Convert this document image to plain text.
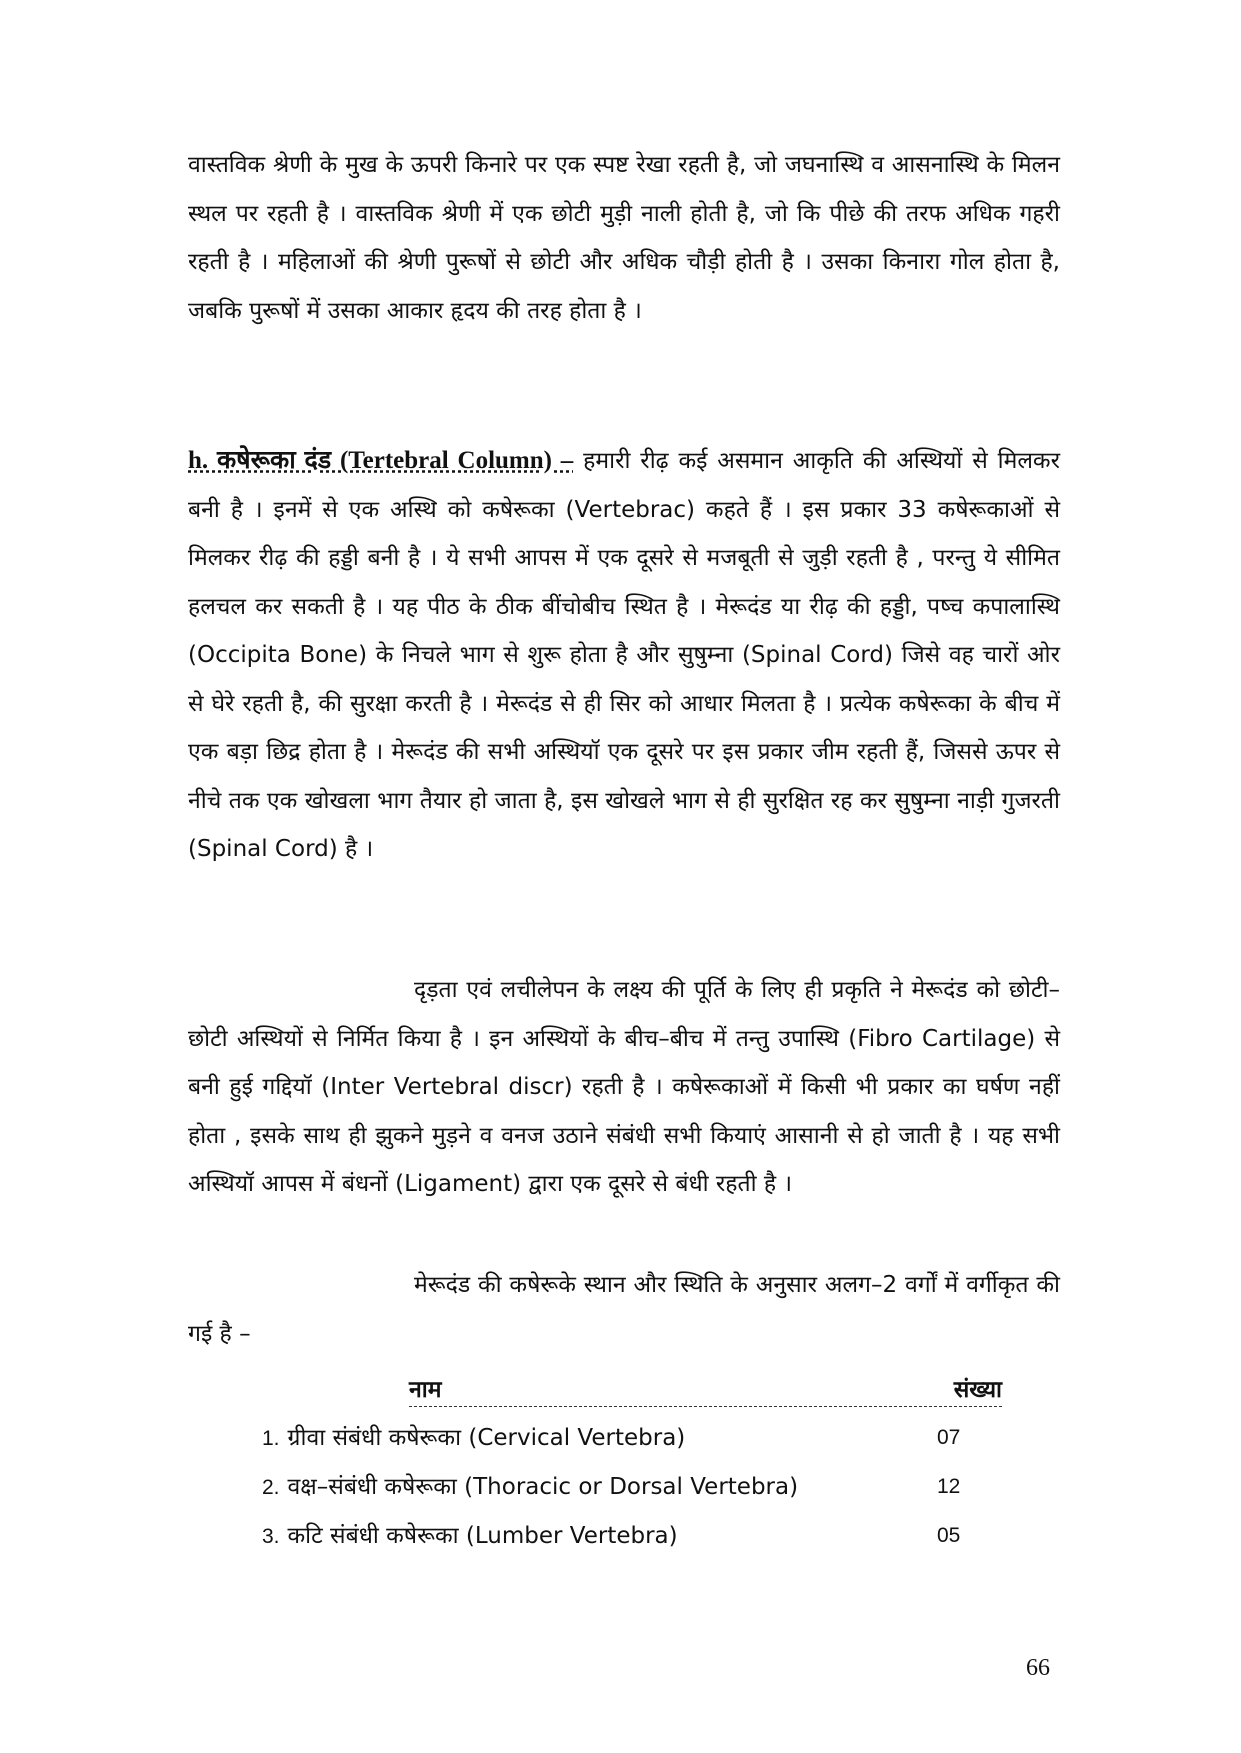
वास्तविक श्रेणी के मुख के ऊपरी किनारे पर एक स्पष्ट रेखा रहती है, जो जघनास्थि व आसनास्थि के मिलन स्थल पर रहती है । वास्तविक श्रेणी में एक छोटी मुड़ी नाली होती है, जो कि पीछे की तरफ अधिक गहरी रहती है । महिलाओं की श्रेणी पुरूषों से छोटी और अधिक चौड़ी होती है । उसका किनारा गोल होता है, जबकि पुरूषों में उसका आकार हृदय की तरह होता है ।

h. कषेरूका दंड (Tertebral Column) – हमारी रीढ़ कई असमान आकृति की अस्थियों से मिलकर बनी है । इनमें से एक अस्थि को कषेरूका (Vertebrac) कहते हैं । इस प्रकार 33 कषेरूकाओं से मिलकर रीढ़ की हड्डी बनी है । ये सभी आपस में एक दूसरे से मजबूती से जुड़ी रहती है , परन्तु ये सीमित हलचल कर सकती है । यह पीठ के ठीक बींचोबीच स्थित है । मेरूदंड या रीढ़ की हड्डी, पष्च कपालास्थि (Occipita Bone) के निचले भाग से शुरू होता है और सुषुम्ना (Spinal Cord) जिसे वह चारों ओर से घेरे रहती है, की सुरक्षा करती है । मेरूदंड से ही सिर को आधार मिलता है । प्रत्येक कषेरूका के बीच में एक बड़ा छिद्र होता है । मेरूदंड की सभी अस्थियॉ एक दूसरे पर इस प्रकार जीम रहती हैं, जिससे ऊपर से नीचे तक एक खोखला भाग तैयार हो जाता है, इस खोखले भाग से ही सुरक्षित रह कर सुषुम्ना नाड़ी गुजरती (Spinal Cord) है ।

दृड़ता एवं लचीलेपन के लक्ष्य की पूर्ति के लिए ही प्रकृति ने मेरूदंड को छोटी–छोटी अस्थियों से निर्मित किया है । इन अस्थियों के बीच–बीच में तन्तु उपास्थि (Fibro Cartilage) से बनी हुई गद्दियॉ (Inter Vertebral discr) रहती है । कषेरूकाओं में किसी भी प्रकार का घर्षण नहीं होता , इसके साथ ही झुकने मुड़ने व वनज उठाने संबंधी सभी कियाएं आसानी से हो जाती है । यह सभी अस्थियॉ आपस में बंधनों (Ligament) द्वारा एक दूसरे से बंधी रहती है ।

मेरूदंड की कषेरूके स्थान और स्थिति के अनुसार अलग–2 वर्गों में वर्गीकृत की गई है –

नाम	संख्या
1. ग्रीवा संबंधी कषेरूका (Cervical Vertebra)	07
2. वक्ष–संबंधी कषेरूका (Thoracic or Dorsal Vertebra)	12
3. कटि संबंधी कषेरूका (Lumber Vertebra)	05
66
